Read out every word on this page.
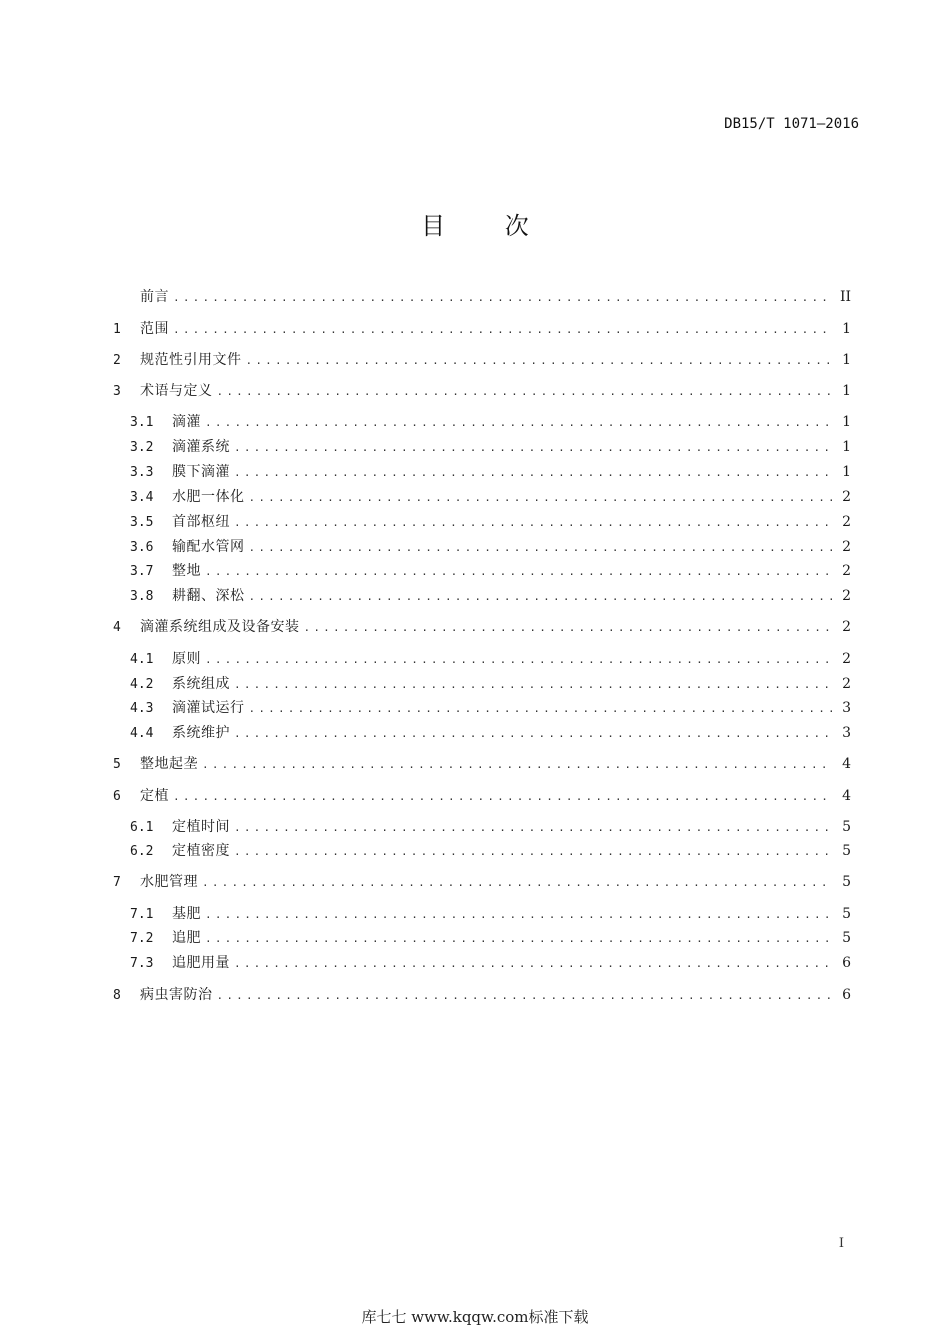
DB15/T 1071—2016
目 次
前言 .....	II
1	范围 .....	1
2	规范性引用文件 .....	1
3	术语与定义 .....	1
3.1	滴灌 .....	1
3.2	滴灌系统 .....	1
3.3	膜下滴灌 .....	1
3.4	水肥一体化 .....	2
3.5	首部枢纽 .....	2
3.6	输配水管网 .....	2
3.7	整地 .....	2
3.8	耕翻、深松 .....	2
4	滴灌系统组成及设备安装 .....	2
4.1	原则 .....	2
4.2	系统组成 .....	2
4.3	滴灌试运行 .....	3
4.4	系统维护 .....	3
5	整地起垄 .....	4
6	定植 .....	4
6.1	定植时间 .....	5
6.2	定植密度 .....	5
7	水肥管理 .....	5
7.1	基肥 .....	5
7.2	追肥 .....	5
7.3	追肥用量 .....	6
8	病虫害防治 .....	6
I
库七七 www.kqqw.com标准下载
